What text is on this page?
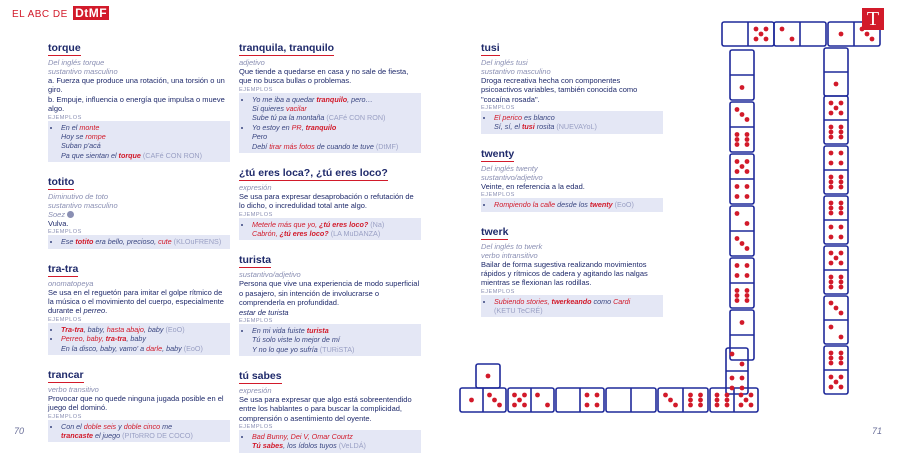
EL ABC DE DtMF
torque
Del inglés torque
sustantivo masculino
a. Fuerza que produce una rotación, una torsión o un giro.
b. Empuje, influencia o energía que impulsa o mueve algo.
EJEMPLOS
• En el monte
Hoy se rompe
Suban p'acá
Pa que sientan el torque (CAFé CON RON)
totito
Diminutivo de toto
sustantivo masculino
Soez
Vulva.
EJEMPLOS
• Ese totito era bello, precioso, cute (KLOuFRENS)
tra-tra
onomatopeya
Se usa en el reguetón para imitar el golpe rítmico de la música o el movimiento del cuerpo, especialmente durante el perreo.
EJEMPLOS
• Tra-tra, baby, hasta abajo, baby (EoO)
• Perreo, baby, tra-tra, baby
En la disco, baby, vamo' a darle, baby (EoO)
trancar
verbo transitivo
Provocar que no quede ninguna jugada posible en el juego del dominó.
EJEMPLOS
• Con el doble seis y doble cinco me
trancaste el juego (PIToRRO DE COCO)
tranquila, tranquilo
adjetivo
Que tiende a quedarse en casa y no sale de fiesta, que no busca bullas o problemas.
EJEMPLOS
• Yo me iba a quedar tranquilo, pero…
Si quieres vacilar
Sube tú pa la montaña (CAFé CON RON)
• Yo estoy en PR, tranquilo
Pero
Debí tirar más fotos de cuando te tuve (DtMF)
¿tú eres loca?, ¿tú eres loco?
expresión
Se usa para expresar desaprobación o refutación de lo dicho, o incredulidad total ante algo.
EJEMPLOS
• Meterle más que yo, ¿tú eres loco? (Na)
Cabrón, ¿tú eres loco? (LA MuDANZA)
turista
sustantivo/adjetivo
Persona que vive una experiencia de modo superficial o pasajero, sin intención de involucrarse o comprenderla en profundidad.
estar de turista
EJEMPLOS
• En mi vida fuiste turista
Tú solo viste lo mejor de mí
Y no lo que yo sufría (TURiSTA)
tú sabes
expresión
Se usa para expresar que algo está sobreentendido entre los hablantes o para buscar la complicidad, comprensión o asentimiento del oyente.
EJEMPLOS
• Bad Bunny, Dei V, Omar Courtz
Tú sabes, los ídolos tuyos (VeLDÁ)
tusi
Del inglés tusi
sustantivo masculino
Droga recreativa hecha con componentes psicoactivos variables, también conocida como "cocaína rosada".
EJEMPLOS
• El perico es blanco
Sí, sí, el tusi rosita (NUEVAYoL)
twenty
Del inglés twenty
sustantivo/adjetivo
Veinte, en referencia a la edad.
EJEMPLOS
• Rompiendo la calle desde los twenty (EoO)
twerk
Del inglés to twerk
verbo intransitivo
Bailar de forma sugestiva realizando movimientos rápidos y rítmicos de cadera y agitando las nalgas mientras se flexionan las rodillas.
EJEMPLOS
• Subiendo stories, twerkeando como Cardi
(KETU TeCRÉ)
T
70	71
